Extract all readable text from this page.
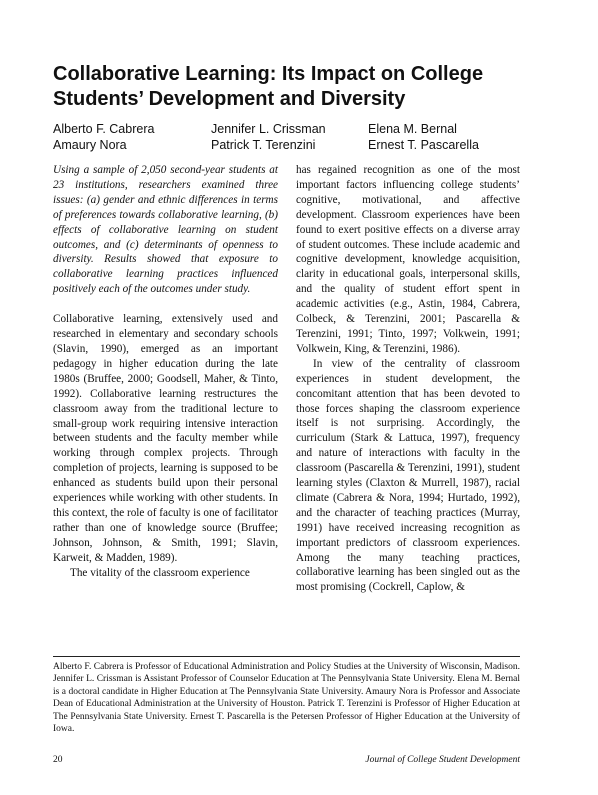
Collaborative Learning: Its Impact on College Students’ Development and Diversity
Alberto F. Cabrera	Jennifer L. Crissman	Elena M. Bernal
Amaury Nora	Patrick T. Terenzini	Ernest T. Pascarella

Using a sample of 2,050 second-year students at 23 institutions, researchers examined three issues: (a) gender and ethnic differences in terms of preferences towards collaborative learning, (b) effects of collaborative learning on student outcomes, and (c) determinants of openness to diversity. Results showed that exposure to collaborative learning practices influenced positively each of the outcomes under study.

Collaborative learning, extensively used and researched in elementary and secondary schools (Slavin, 1990), emerged as an important pedagogy in higher education during the late 1980s (Bruffee, 2000; Goodsell, Maher, & Tinto, 1992). Collaborative learning restructures the classroom away from the traditional lecture to small-group work requiring intensive interaction between students and the faculty member while working through complex projects. Through completion of projects, learning is supposed to be enhanced as students build upon their personal experiences while working with other students. In this context, the role of faculty is one of facilitator rather than one of knowledge source (Bruffee; Johnson, Johnson, & Smith, 1991; Slavin, Karweit, & Madden, 1989).

The vitality of the classroom experience

has regained recognition as one of the most important factors influencing college students’ cognitive, motivational, and affective development. Classroom experiences have been found to exert positive effects on a diverse array of student outcomes. These include academic and cognitive development, knowledge acquisition, clarity in educational goals, interpersonal skills, and the quality of student effort spent in academic activities (e.g., Astin, 1984, Cabrera, Colbeck, & Terenzini, 2001; Pascarella & Terenzini, 1991; Tinto, 1997; Volkwein, 1991; Volkwein, King, & Terenzini, 1986).

In view of the centrality of classroom experiences in student development, the concomitant attention that has been devoted to those forces shaping the classroom experience itself is not surprising. Accordingly, the curriculum (Stark & Lattuca, 1997), frequency and nature of interactions with faculty in the classroom (Pascarella & Terenzini, 1991), student learning styles (Claxton & Murrell, 1987), racial climate (Cabrera & Nora, 1994; Hurtado, 1992), and the character of teaching practices (Murray, 1991) have received increasing recognition as important predictors of classroom experiences. Among the many teaching practices, collaborative learning has been singled out as the most promising (Cockrell, Caplow, &

Alberto F. Cabrera is Professor of Educational Administration and Policy Studies at the University of Wisconsin, Madison. Jennifer L. Crissman is Assistant Professor of Counselor Education at The Pennsylvania State University. Elena M. Bernal is a doctoral candidate in Higher Education at The Pennsylvania State University. Amaury Nora is Professor and Associate Dean of Educational Administration at the University of Houston. Patrick T. Terenzini is Professor of Higher Education at The Pennsylvania State University. Ernest T. Pascarella is the Petersen Professor of Higher Education at the University of Iowa.

20	Journal of College Student Development
